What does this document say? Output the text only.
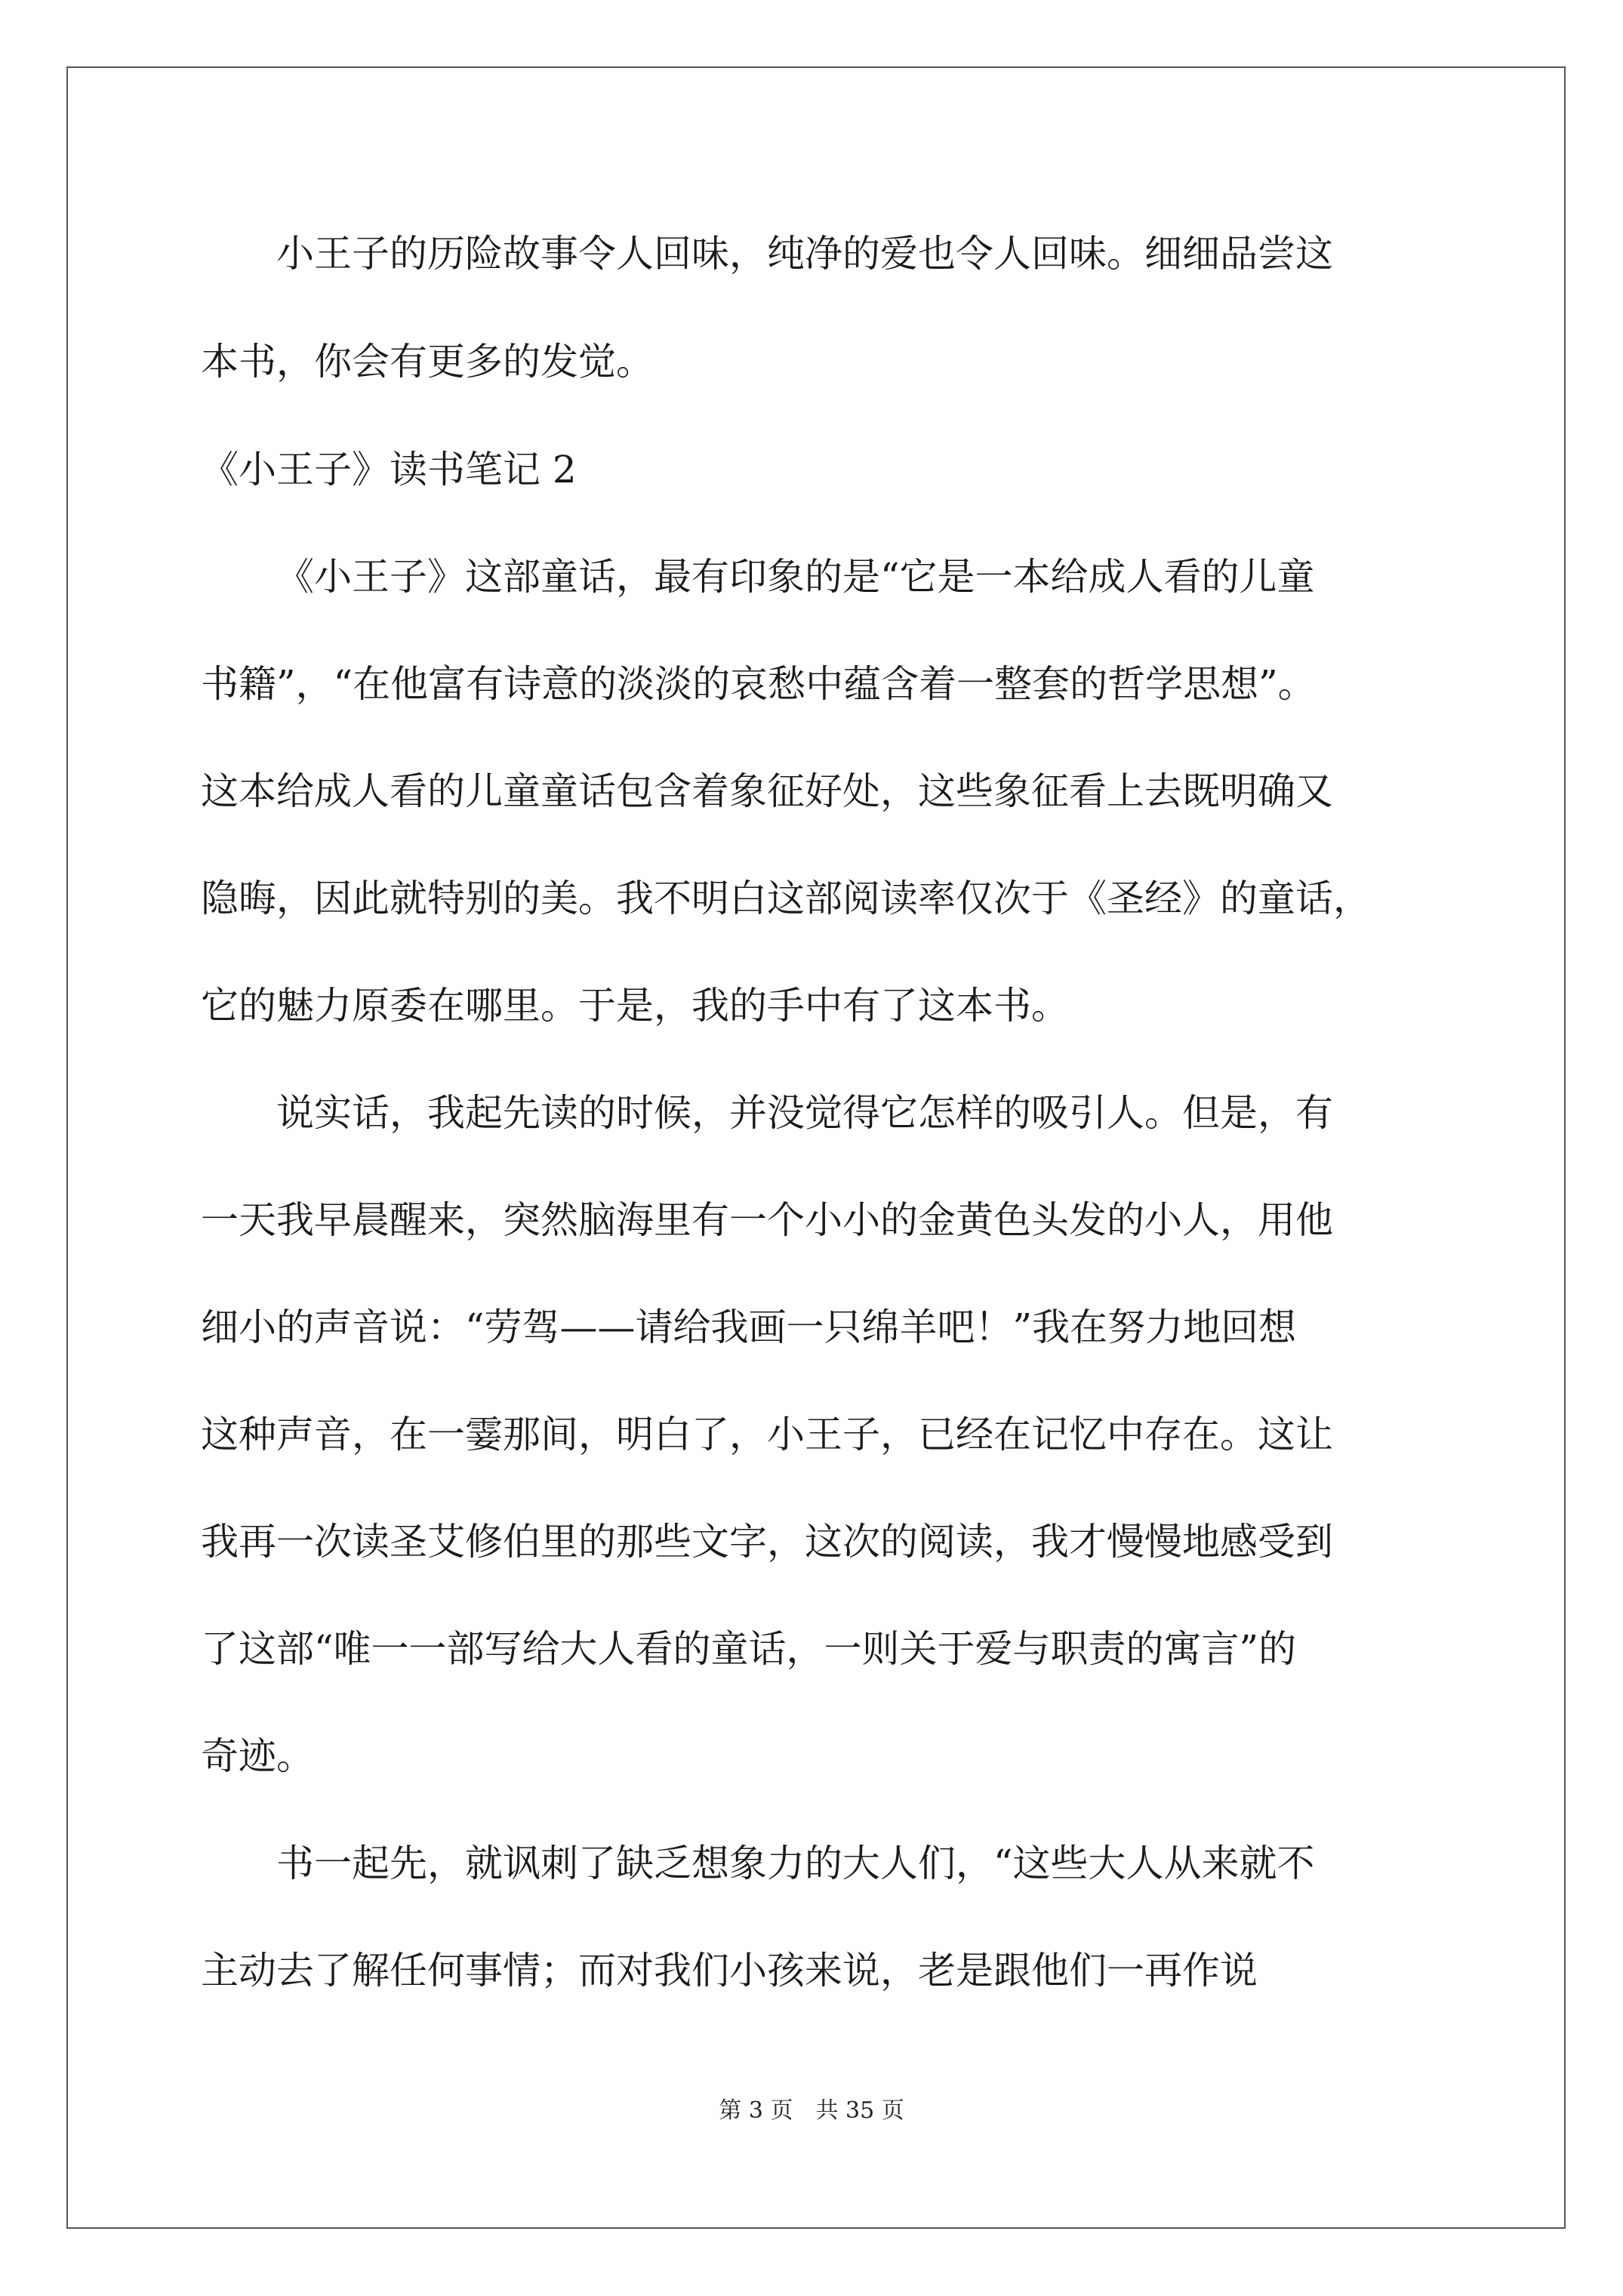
小王子的历险故事令人回味，纯净的爱也令人回味。细细品尝这

本书，你会有更多的发觉。

《小王子》读书笔记 2

《小王子》这部童话，最有印象的是“它是一本给成人看的儿童

书籍”，“在他富有诗意的淡淡的哀愁中蕴含着一整套的哲学思想”。

这本给成人看的儿童童话包含着象征好处，这些象征看上去既明确又

隐晦，因此就特别的美。我不明白这部阅读率仅次于《圣经》的童话，

它的魅力原委在哪里。于是，我的手中有了这本书。

说实话，我起先读的时候，并没觉得它怎样的吸引人。但是，有

一天我早晨醒来，突然脑海里有一个小小的金黄色头发的小人，用他

细小的声音说：“劳驾——请给我画一只绵羊吧！”我在努力地回想

这种声音，在一霎那间，明白了，小王子，已经在记忆中存在。这让

我再一次读圣艾修伯里的那些文字，这次的阅读，我才慢慢地感受到

了这部“唯一一部写给大人看的童话，一则关于爱与职责的寓言”的

奇迹。

书一起先，就讽刺了缺乏想象力的大人们，“这些大人从来就不

主动去了解任何事情；而对我们小孩来说，老是跟他们一再作说

第 3 页 共 35 页
